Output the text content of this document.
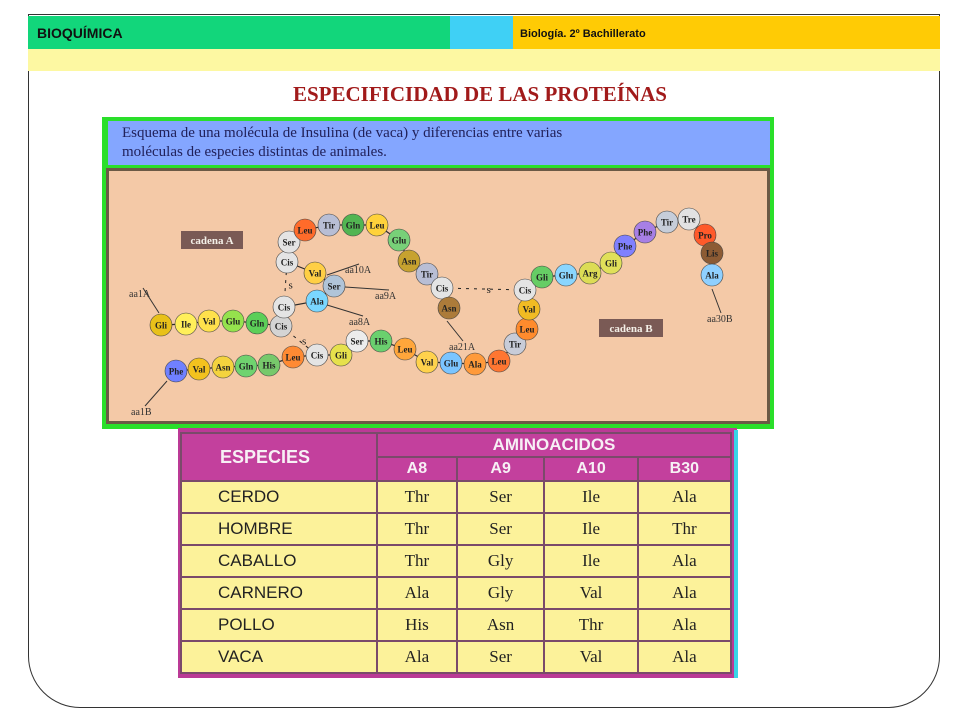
BIOQUÍMICA	Biología. 2º Bachillerato
ESPECIFICIDAD DE LAS PROTEÍNAS
Esquema de una molécula de Insulina (de vaca) y diferencias entre varias
moléculas de especies distintas de animales.
s
s	s
Gli Ile Val Glu Gln Cis
Cis
Ala
Ser
Val
Cis
Ser
Leu Tir Gln Leu
Glu
Asn
Tir
Cis
Asn
Phe Val Asn Gln His
Leu Cis Gli
Ser His
Leu
Val Glu Ala Leu
Tir
Leu
Val
Cis
Gli Glu Arg
Gli
Phe
Phe
Tir Tre
Pro
Lis
Ala
cadena A
cadena B
aa1A
aa10A
aa9A
aa8A
aa21A
aa1B
aa30B
ESPECIES	AMINOACIDOS			
	A8	A9	A10	B30
CERDO	Thr	Ser	Ile	Ala
HOMBRE	Thr	Ser	Ile	Thr
CABALLO	Thr	Gly	Ile	Ala
CARNERO	Ala	Gly	Val	Ala
POLLO	His	Asn	Thr	Ala
VACA	Ala	Ser	Val	Ala
